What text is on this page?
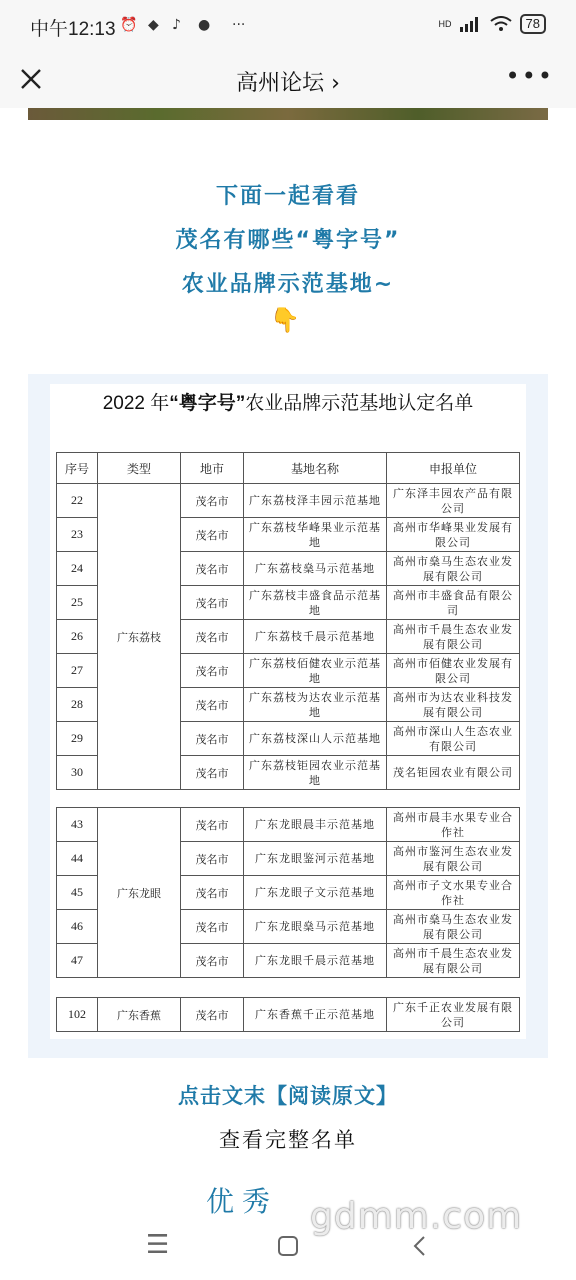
中午12:13 ⏰ ◆ ♪ ● ···	HD	78
高州论坛 ›	•••
下面一起看看
茂名有哪些“粤字号”
农业品牌示范基地~
👇
2022 年“粤字号”农业品牌示范基地认定名单
序号	类型	地市	基地名称	申报单位
22	广东荔枝	茂名市	广东荔枝泽丰园示范基地	广东泽丰园农产品有限公司
23		茂名市	广东荔枝华峰果业示范基地	高州市华峰果业发展有限公司
24		茂名市	广东荔枝燊马示范基地	高州市燊马生态农业发展有限公司
25		茂名市	广东荔枝丰盛食品示范基地	高州市丰盛食品有限公司
26		茂名市	广东荔枝千晨示范基地	高州市千晨生态农业发展有限公司
27		茂名市	广东荔枝佰健农业示范基地	高州市佰健农业发展有限公司
28		茂名市	广东荔枝为达农业示范基地	高州市为达农业科技发展有限公司
29		茂名市	广东荔枝深山人示范基地	高州市深山人生态农业有限公司
30		茂名市	广东荔枝钜园农业示范基地	茂名钜园农业有限公司
43	广东龙眼	茂名市	广东龙眼晨丰示范基地	高州市晨丰水果专业合作社
44		茂名市	广东龙眼鉴河示范基地	高州市鉴河生态农业发展有限公司
45		茂名市	广东龙眼子文示范基地	高州市子文水果专业合作社
46		茂名市	广东龙眼燊马示范基地	高州市燊马生态农业发展有限公司
47		茂名市	广东龙眼千晨示范基地	高州市千晨生态农业发展有限公司
102	广东香蕉	茂名市	广东香蕉千正示范基地	广东千正农业发展有限公司
点击文末【阅读原文】
查看完整名单
优秀 gdmm.com
☰
